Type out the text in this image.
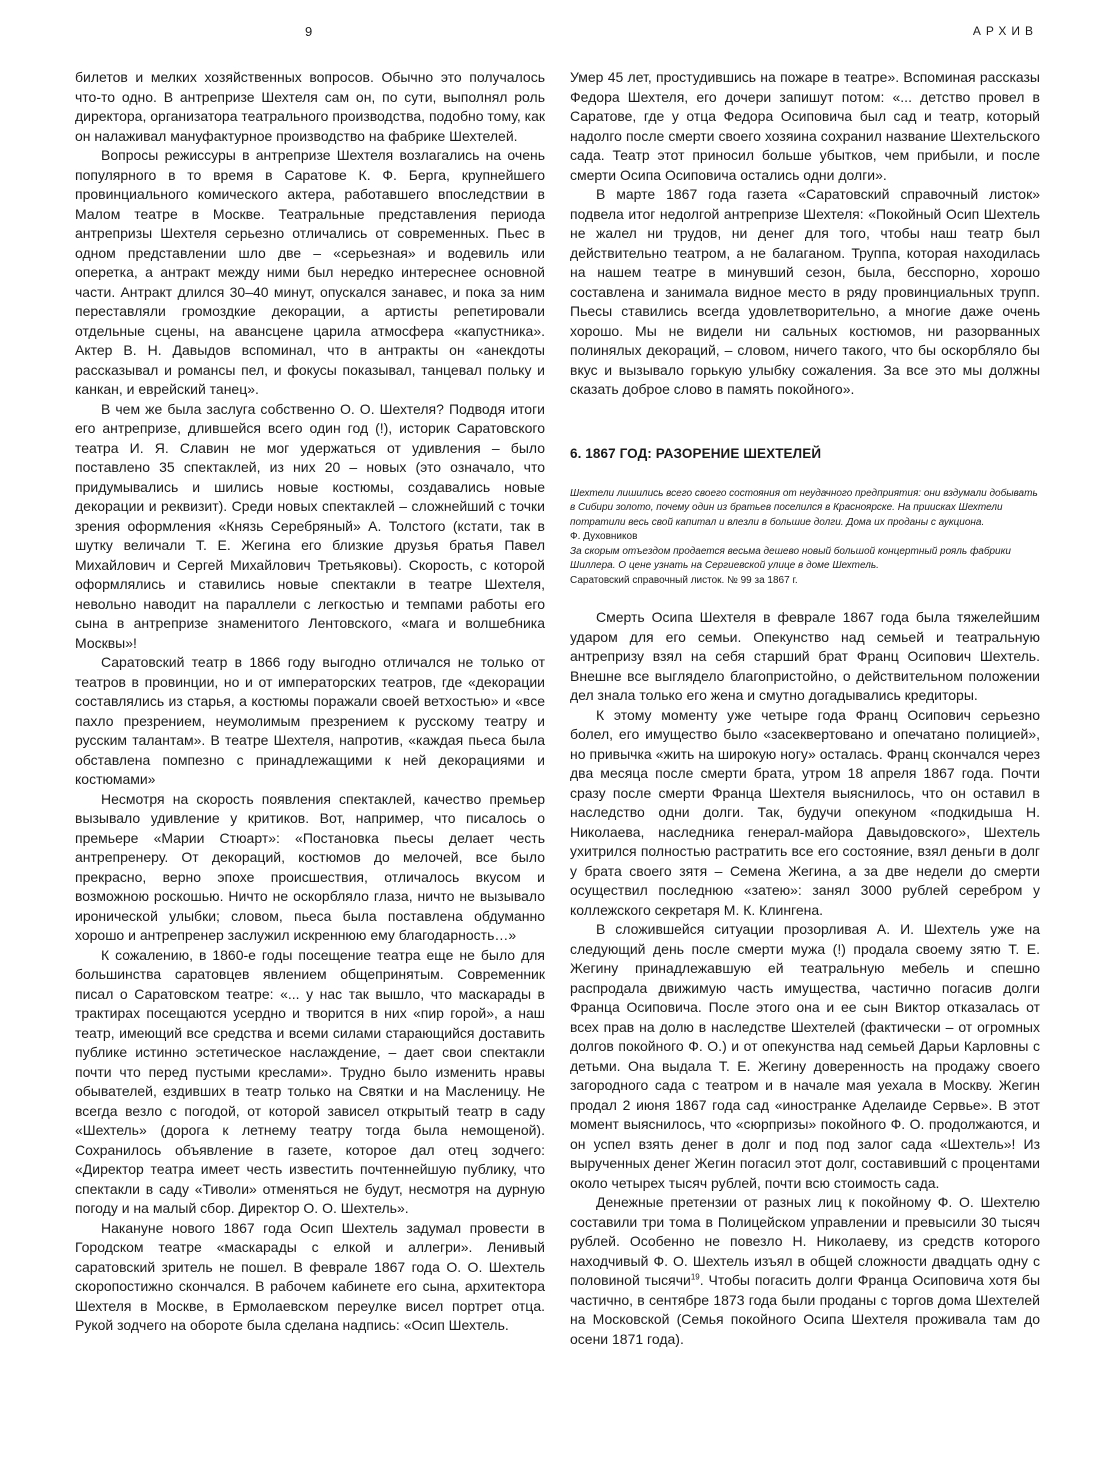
9	АРХИВ

билетов и мелких хозяйственных вопросов. Обычно это получалось что-то одно. В антрепризе Шехтеля сам он, по сути, выполнял роль директора, организатора театрального производства, подобно тому, как он налаживал мануфактурное производство на фабрике Шехтелей.

Вопросы режиссуры в антрепризе Шехтеля возлагались на очень популярного в то время в Саратове К. Ф. Берга, крупнейшего провинциального комического актера, работавшего впоследствии в Малом театре в Москве. Театральные представления периода антрепризы Шехтеля серьезно отличались от современных. Пьес в одном представлении шло две – «серьезная» и водевиль или оперетка, а антракт между ними был нередко интереснее основной части. Антракт длился 30–40 минут, опускался занавес, и пока за ним переставляли громоздкие декорации, а артисты репетировали отдельные сцены, на авансцене царила атмосфера «капустника». Актер В. Н. Давыдов вспоминал, что в антракты он «анекдоты рассказывал и романсы пел, и фокусы показывал, танцевал польку и канкан, и еврейский танец».

В чем же была заслуга собственно О. О. Шехтеля? Подводя итоги его антрепризе, длившейся всего один год (!), историк Саратовского театра И. Я. Славин не мог удержаться от удивления – было поставлено 35 спектаклей, из них 20 – новых (это означало, что придумывались и шились новые костюмы, создавались новые декорации и реквизит). Среди новых спектаклей – сложнейший с точки зрения оформления «Князь Серебряный» А. Толстого (кстати, так в шутку величали Т. Е. Жегина его близкие друзья братья Павел Михайлович и Сергей Михайлович Третьяковы). Скорость, с которой оформлялись и ставились новые спектакли в театре Шехтеля, невольно наводит на параллели с легкостью и темпами работы его сына в антрепризе знаменитого Лентовского, «мага и волшебника Москвы»!

Саратовский театр в 1866 году выгодно отличался не только от театров в провинции, но и от императорских театров, где «декорации составлялись из старья, а костюмы поражали своей ветхостью» и «все пахло презрением, неумолимым презрением к русскому театру и русским талантам». В театре Шехтеля, напротив, «каждая пьеса была обставлена помпезно с принадлежащими к ней декорациями и костюмами»

Несмотря на скорость появления спектаклей, качество премьер вызывало удивление у критиков. Вот, например, что писалось о премьере «Марии Стюарт»: «Постановка пьесы делает честь антрепренеру. От декораций, костюмов до мелочей, все было прекрасно, верно эпохе происшествия, отличалось вкусом и возможною роскошью. Ничто не оскорбляло глаза, ничто не вызывало иронической улыбки; словом, пьеса была поставлена обдуманно хорошо и антрепренер заслужил искреннюю ему благодарность…»

К сожалению, в 1860-е годы посещение театра еще не было для большинства саратовцев явлением общепринятым. Современник писал о Саратовском театре: «... у нас так вышло, что маскарады в трактирах посещаются усердно и творится в них «пир горой», а наш театр, имеющий все средства и всеми силами старающийся доставить публике истинно эстетическое наслаждение, – дает свои спектакли почти что перед пустыми креслами». Трудно было изменить нравы обывателей, ездивших в театр только на Святки и на Масленицу. Не всегда везло с погодой, от которой зависел открытый театр в саду «Шехтель» (дорога к летнему театру тогда была немощеной). Сохранилось объявление в газете, которое дал отец зодчего: «Директор театра имеет честь известить почтеннейшую публику, что спектакли в саду «Тиволи» отменяться не будут, несмотря на дурную погоду и на малый сбор. Директор О. О. Шехтель».

Накануне нового 1867 года Осип Шехтель задумал провести в Городском театре «маскарады с елкой и аллегри». Ленивый саратовский зритель не пошел. В феврале 1867 года О. О. Шехтель скоропостижно скончался. В рабочем кабинете его сына, архитектора Шехтеля в Москве, в Ермолаевском переулке висел портрет отца. Рукой зодчего на обороте была сделана надпись: «Осип Шехтель.

Умер 45 лет, простудившись на пожаре в театре». Вспоминая рассказы Федора Шехтеля, его дочери запишут потом: «... детство провел в Саратове, где у отца Федора Осиповича был сад и театр, который надолго после смерти своего хозяина сохранил название Шехтельского сада. Театр этот приносил больше убытков, чем прибыли, и после смерти Осипа Осиповича остались одни долги».

В марте 1867 года газета «Саратовский справочный листок» подвела итог недолгой антрепризе Шехтеля: «Покойный Осип Шехтель не жалел ни трудов, ни денег для того, чтобы наш театр был действительно театром, а не балаганом. Труппа, которая находилась на нашем театре в минувший сезон, была, бесспорно, хорошо составлена и занимала видное место в ряду провинциальных трупп. Пьесы ставились всегда удовлетворительно, а многие даже очень хорошо. Мы не видели ни сальных костюмов, ни разорванных полинялых декораций, – словом, ничего такого, что бы оскорбляло бы вкус и вызывало горькую улыбку сожаления. За все это мы должны сказать доброе слово в память покойного».

6. 1867 ГОД: РАЗОРЕНИЕ ШЕХТЕЛЕЙ
Шехтели лишились всего своего состояния от неудачного предприятия: они вздумали добывать в Сибири золото, почему один из братьев поселился в Красноярске. На приисках Шехтели потратили весь свой капитал и влезли в большие долги. Дома их проданы с аукциона.
Ф. Духовников
За скорым отъездом продается весьма дешево новый большой концертный рояль фабрики Шиллера. О цене узнать на Сергиевской улице в доме Шехтель.
Саратовский справочный листок. № 99 за 1867 г.

Смерть Осипа Шехтеля в феврале 1867 года была тяжелейшим ударом для его семьи. Опекунство над семьей и театральную антрепризу взял на себя старший брат Франц Осипович Шехтель. Внешне все выглядело благопристойно, о действительном положении дел знала только его жена и смутно догадывались кредиторы.

К этому моменту уже четыре года Франц Осипович серьезно болел, его имущество было «засеквертовано и опечатано полицией», но привычка «жить на широкую ногу» осталась. Франц скончался через два месяца после смерти брата, утром 18 апреля 1867 года. Почти сразу после смерти Франца Шехтеля выяснилось, что он оставил в наследство одни долги. Так, будучи опекуном «подкидыша Н. Николаева, наследника генерал-майора Давыдовского», Шехтель ухитрился полностью растратить все его состояние, взял деньги в долг у брата своего зятя – Семена Жегина, а за две недели до смерти осуществил последнюю «затею»: занял 3000 рублей серебром у коллежского секретаря М. К. Клингена.

В сложившейся ситуации прозорливая А. И. Шехтель уже на следующий день после смерти мужа (!) продала своему зятю Т. Е. Жегину принадлежавшую ей театральную мебель и спешно распродала движимую часть имущества, частично погасив долги Франца Осиповича. После этого она и ее сын Виктор отказалась от всех прав на долю в наследстве Шехтелей (фактически – от огромных долгов покойного Ф. О.) и от опекунства над семьей Дарьи Карловны с детьми. Она выдала Т. Е. Жегину доверенность на продажу своего загородного сада с театром и в начале мая уехала в Москву. Жегин продал 2 июня 1867 года сад «иностранке Аделаиде Сервье». В этот момент выяснилось, что «сюрпризы» покойного Ф. О. продолжаются, и он успел взять денег в долг и под под залог сада «Шехтель»! Из вырученных денег Жегин погасил этот долг, составивший с процентами около четырех тысяч рублей, почти всю стоимость сада.

Денежные претензии от разных лиц к покойному Ф. О. Шехтелю составили три тома в Полицейском управлении и превысили 30 тысяч рублей. Особенно не повезло Н. Николаеву, из средств которого находчивый Ф. О. Шехтель изъял в общей сложности двадцать одну с половиной тысячи$^{19}$. Чтобы погасить долги Франца Осиповича хотя бы частично, в сентябре 1873 года были проданы с торгов дома Шехтелей на Московской (Семья покойного Осипа Шехтеля проживала там до осени 1871 года).
